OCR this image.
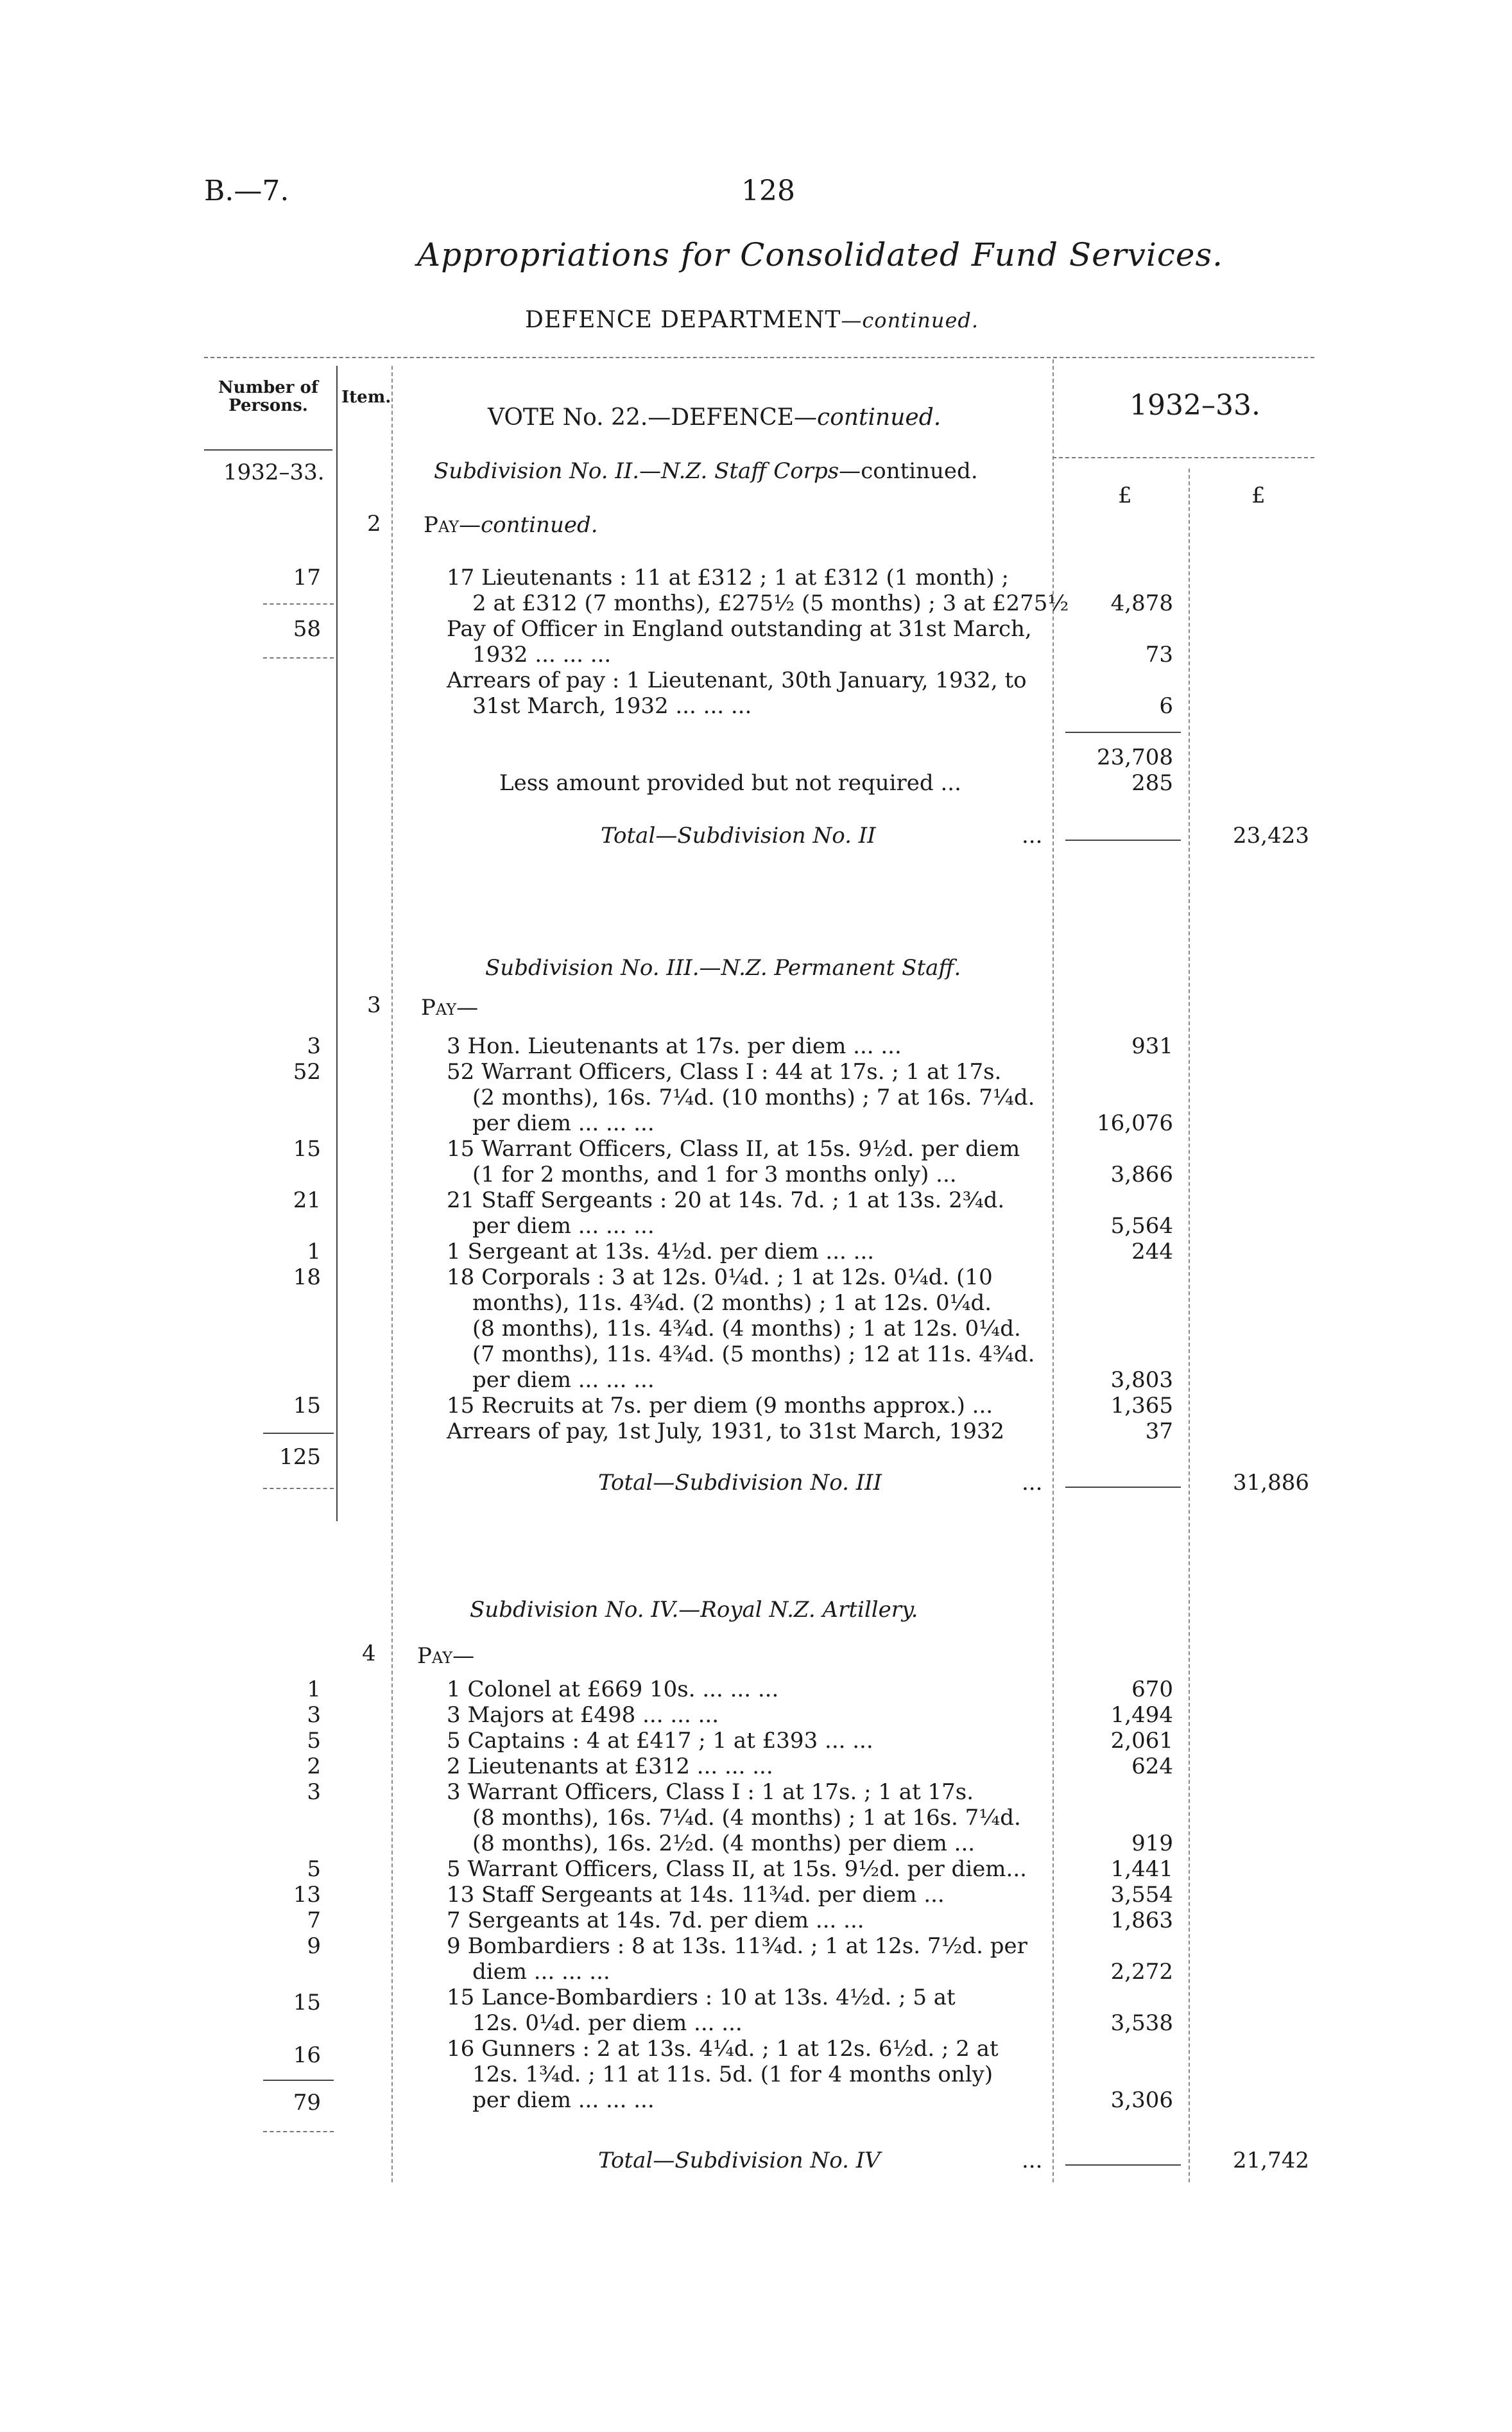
B.—7.	128
Appropriations for Consolidated Fund Services.
DEFENCE DEPARTMENT—continued.
Number of Persons.	Item.
VOTE No. 22.—DEFENCE—continued.	1932–33.
1932–33.
£	£
Subdivision No. II.—N.Z. Staff Corps—continued.
2 Pay—continued.
17	17 Lieutenants : 11 at £312 ; 1 at £312 (1 month) ;
2 at £312 (7 months), £275½ (5 months) ; 3 at £275½	4,878
58	Pay of Officer in England outstanding at 31st March,
1932 ... ... ...	73
Arrears of pay : 1 Lieutenant, 30th January, 1932, to
31st March, 1932 ... ... ...	6
23,708
Less amount provided but not required ...	285
Total—Subdivision No. II	...	23,423
Subdivision No. III.—N.Z. Permanent Staff.
3 Pay—
3	3 Hon. Lieutenants at 17s. per diem ... ...	931
52	52 Warrant Officers, Class I : 44 at 17s. ; 1 at 17s.
(2 months), 16s. 7¼d. (10 months) ; 7 at 16s. 7¼d.
per diem ... ... ...	16,076
15	15 Warrant Officers, Class II, at 15s. 9½d. per diem
(1 for 2 months, and 1 for 3 months only) ...	3,866
21	21 Staff Sergeants : 20 at 14s. 7d. ; 1 at 13s. 2¾d.
per diem ... ... ...	5,564
1	1 Sergeant at 13s. 4½d. per diem ... ...	244
18	18 Corporals : 3 at 12s. 0¼d. ; 1 at 12s. 0¼d. (10
months), 11s. 4¾d. (2 months) ; 1 at 12s. 0¼d.
(8 months), 11s. 4¾d. (4 months) ; 1 at 12s. 0¼d.
(7 months), 11s. 4¾d. (5 months) ; 12 at 11s. 4¾d.
per diem ... ... ...	3,803
15	15 Recruits at 7s. per diem (9 months approx.) ...	1,365
Arrears of pay, 1st July, 1931, to 31st March, 1932	37
125
Total—Subdivision No. III	...	31,886
Subdivision No. IV.—Royal N.Z. Artillery.
4 Pay—
1	1 Colonel at £669 10s. ... ... ...	670
3	3 Majors at £498 ... ... ...	1,494
5	5 Captains : 4 at £417 ; 1 at £393 ... ...	2,061
2	2 Lieutenants at £312 ... ... ...	624
3	3 Warrant Officers, Class I : 1 at 17s. ; 1 at 17s.
(8 months), 16s. 7¼d. (4 months) ; 1 at 16s. 7¼d.
(8 months), 16s. 2½d. (4 months) per diem ...	919
5	5 Warrant Officers, Class II, at 15s. 9½d. per diem...	1,441
13	13 Staff Sergeants at 14s. 11¾d. per diem ...	3,554
7	7 Sergeants at 14s. 7d. per diem ... ...	1,863
9	9 Bombardiers : 8 at 13s. 11¾d. ; 1 at 12s. 7½d. per
diem ... ... ...	2,272
15	15 Lance-Bombardiers : 10 at 13s. 4½d. ; 5 at
12s. 0¼d. per diem ... ...	3,538
16	16 Gunners : 2 at 13s. 4¼d. ; 1 at 12s. 6½d. ; 2 at
12s. 1¾d. ; 11 at 11s. 5d. (1 for 4 months only)
per diem ... ... ...	3,306
79
Total—Subdivision No. IV	...	21,742
